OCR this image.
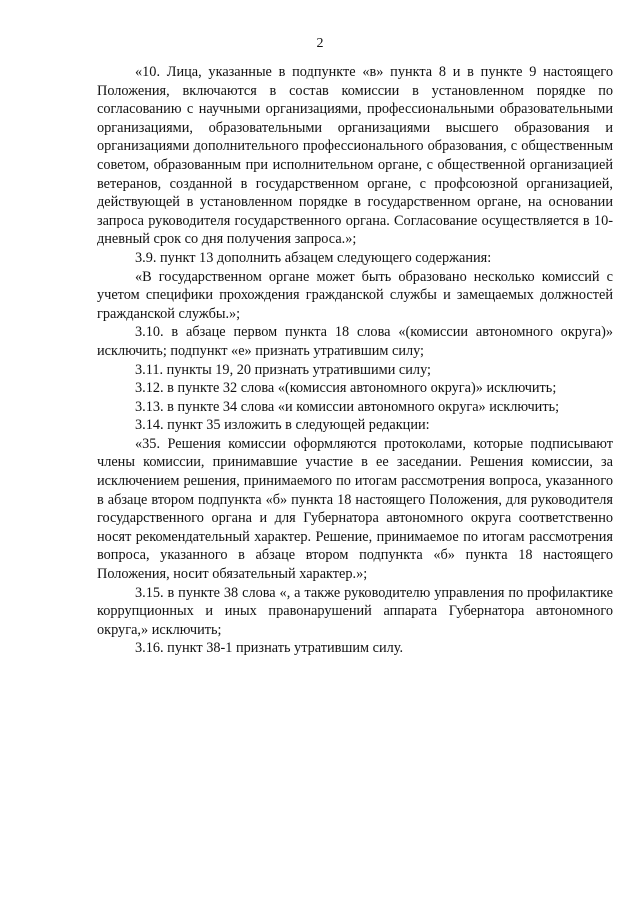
2

«10. Лица, указанные в подпункте «в» пункта 8 и в пункте 9 настоящего Положения, включаются в состав комиссии в установленном порядке по согласованию с научными организациями, профессиональными образовательными организациями, образовательными организациями высшего образования и организациями дополнительного профессионального образования, с общественным советом, образованным при исполнительном органе, с общественной организацией ветеранов, созданной в государственном органе, с профсоюзной организацией, действующей в установленном порядке в государственном органе, на основании запроса руководителя государственного органа. Согласование осуществляется в 10-дневный срок со дня получения запроса.»;

3.9. пункт 13 дополнить абзацем следующего содержания:

«В государственном органе может быть образовано несколько комиссий с учетом специфики прохождения гражданской службы и замещаемых должностей гражданской службы.»;

3.10. в абзаце первом пункта 18 слова «(комиссии автономного округа)» исключить; подпункт «е» признать утратившим силу;

3.11. пункты 19, 20 признать утратившими силу;

3.12. в пункте 32 слова «(комиссия автономного округа)» исключить;

3.13. в пункте 34 слова «и комиссии автономного округа» исключить;

3.14. пункт 35 изложить в следующей редакции:

«35. Решения комиссии оформляются протоколами, которые подписывают члены комиссии, принимавшие участие в ее заседании. Решения комиссии, за исключением решения, принимаемого по итогам рассмотрения вопроса, указанного в абзаце втором подпункта «б» пункта 18 настоящего Положения, для руководителя государственного органа и для Губернатора автономного округа соответственно носят рекомендательный характер. Решение, принимаемое по итогам рассмотрения вопроса, указанного в абзаце втором подпункта «б» пункта 18 настоящего Положения, носит обязательный характер.»;

3.15. в пункте 38 слова «, а также руководителю управления по профилактике коррупционных и иных правонарушений аппарата Губернатора автономного округа,» исключить;

3.16. пункт 38-1 признать утратившим силу.
